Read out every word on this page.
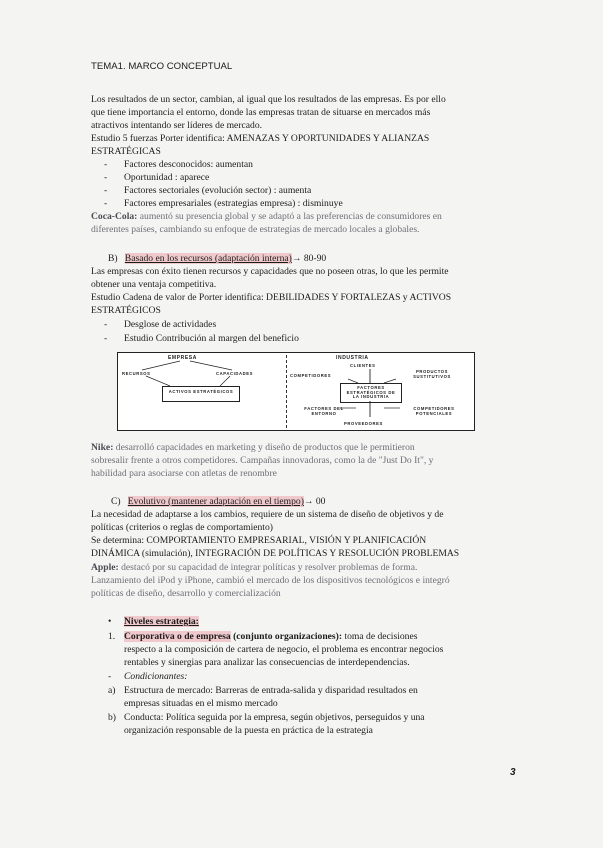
TEMA1. MARCO CONCEPTUAL
Los resultados de un sector, cambian, al igual que los resultados de las empresas. Es por ello
que tiene importancia el entorno, donde las empresas tratan de situarse en mercados más
atractivos intentando ser líderes de mercado.
Estudio 5 fuerzas Porter identifica: AMENAZAS Y OPORTUNIDADES Y ALIANZAS
ESTRATÉGICAS
- Factores desconocidos: aumentan
- Oportunidad : aparece
- Factores sectoriales (evolución sector) : aumenta
- Factores empresariales (estrategias empresa) : disminuye
Coca-Cola: aumentó su presencia global y se adaptó a las preferencias de consumidores en
diferentes países, cambiando su enfoque de estrategias de mercado locales a globales.
B) Basado en los recursos (adaptación interna)→ 80-90
Las empresas con éxito tienen recursos y capacidades que no poseen otras, lo que les permite
obtener una ventaja competitiva.
Estudio Cadena de valor de Porter identifica: DEBILIDADES Y FORTALEZAS y ACTIVOS
ESTRATÉGICOS
- Desglose de actividades
- Estudio Contribución al margen del beneficio
EMPRESA
RECURSOS	CAPACIDADES
ACTIVOS ESTRATÉGICOS
INDUSTRIA
CLIENTES
COMPETIDORES
PRODUCTOS SUSTITUTIVOS
FACTORES ESTRATÉGICOS DE LA INDUSTRIA
FACTORES DEL ENTORNO
COMPETIDORES POTENCIALES
PROVEEDORES
Nike: desarrolló capacidades en marketing y diseño de productos que le permitieron
sobresalir frente a otros competidores. Campañas innovadoras, como la de "Just Do It", y
habilidad para asociarse con atletas de renombre
C) Evolutivo (mantener adaptación en el tiempo)→ 00
La necesidad de adaptarse a los cambios, requiere de un sistema de diseño de objetivos y de
políticas (criterios o reglas de comportamiento)
Se determina: COMPORTAMIENTO EMPRESARIAL, VISIÓN Y PLANIFICACIÓN
DINÁMICA (simulación), INTEGRACIÓN DE POLÍTICAS Y RESOLUCIÓN PROBLEMAS
Apple: destacó por su capacidad de integrar políticas y resolver problemas de forma.
Lanzamiento del iPod y iPhone, cambió el mercado de los dispositivos tecnológicos e integró
políticas de diseño, desarrollo y comercialización
• Niveles estrategia:
1. Corporativa o de empresa (conjunto organizaciones): toma de decisiones
respecto a la composición de cartera de negocio, el problema es encontrar negocios
rentables y sinergias para analizar las consecuencias de interdependencias.
- Condicionantes:
a) Estructura de mercado: Barreras de entrada-salida y disparidad resultados en
empresas situadas en el mismo mercado
b) Conducta: Política seguida por la empresa, según objetivos, perseguidos y una
organización responsable de la puesta en práctica de la estrategia
3
